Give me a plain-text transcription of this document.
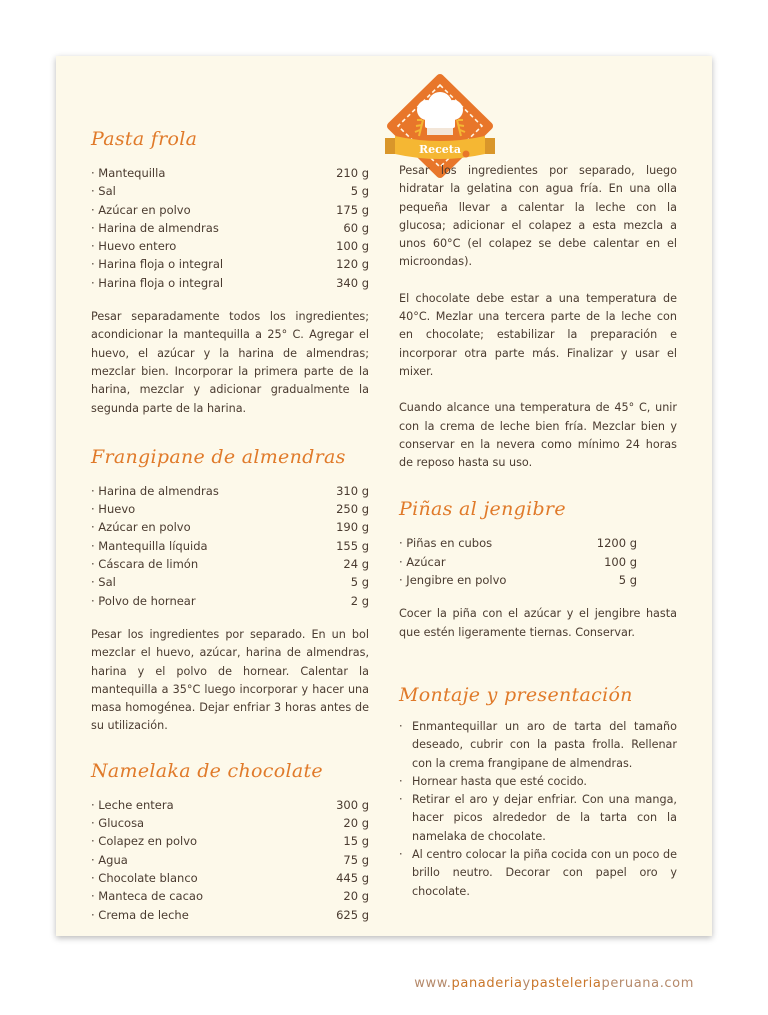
Receta
Pasta frola
· Mantequilla	210 g
· Sal	5 g
· Azúcar en polvo	175 g
· Harina de almendras	60 g
· Huevo entero	100 g
· Harina floja o integral	120 g
· Harina floja o integral	340 g

Pesar separadamente todos los ingredientes; acondicionar la mantequilla a 25° C. Agregar el huevo, el azúcar y la harina de almendras; mezclar bien. Incorporar la primera parte de la harina, mezclar y adicionar gradualmente la segunda parte de la harina.

Frangipane de almendras
· Harina de almendras	310 g
· Huevo	250 g
· Azúcar en polvo	190 g
· Mantequilla líquida	155 g
· Cáscara de limón	24 g
· Sal	5 g
· Polvo de hornear	2 g

Pesar los ingredientes por separado. En un bol mezclar el huevo, azúcar, harina de almendras, harina y el polvo de hornear. Calentar la mantequilla a 35°C luego incorporar y hacer una masa homogénea. Dejar enfriar 3 horas antes de su utilización.

Namelaka de chocolate
· Leche entera	300 g
· Glucosa	20 g
· Colapez en polvo	15 g
· Agua	75 g
· Chocolate blanco	445 g
· Manteca de cacao	20 g
· Crema de leche	625 g

Pesar los ingredientes por separado, luego hidratar la gelatina con agua fría. En una olla pequeña llevar a calentar la leche con la glucosa; adicionar el colapez a esta mezcla a unos 60°C (el colapez se debe calentar en el microondas).

El chocolate debe estar a una temperatura de 40°C. Mezlar una tercera parte de la leche con en chocolate; estabilizar la preparación e incorporar otra parte más. Finalizar y usar el mixer.

Cuando alcance una temperatura de 45° C, unir con la crema de leche bien fría. Mezclar bien y conservar en la nevera como mínimo 24 horas de reposo hasta su uso.

Piñas al jengibre
· Piñas en cubos	1200 g
· Azúcar	100 g
· Jengibre en polvo	5 g

Cocer la piña con el azúcar y el jengibre hasta que estén ligeramente tiernas. Conservar.

Montaje y presentación
· Enmantequillar un aro de tarta del tamaño deseado, cubrir con la pasta frolla. Rellenar con la crema frangipane de almendras.
· Hornear hasta que esté cocido.
· Retirar el aro y dejar enfriar. Con una manga, hacer picos alrededor de la tarta con la namelaka de chocolate.
· Al centro colocar la piña cocida con un poco de brillo neutro. Decorar con papel oro y chocolate.
www.panaderiaypasteleriaperuana.com
